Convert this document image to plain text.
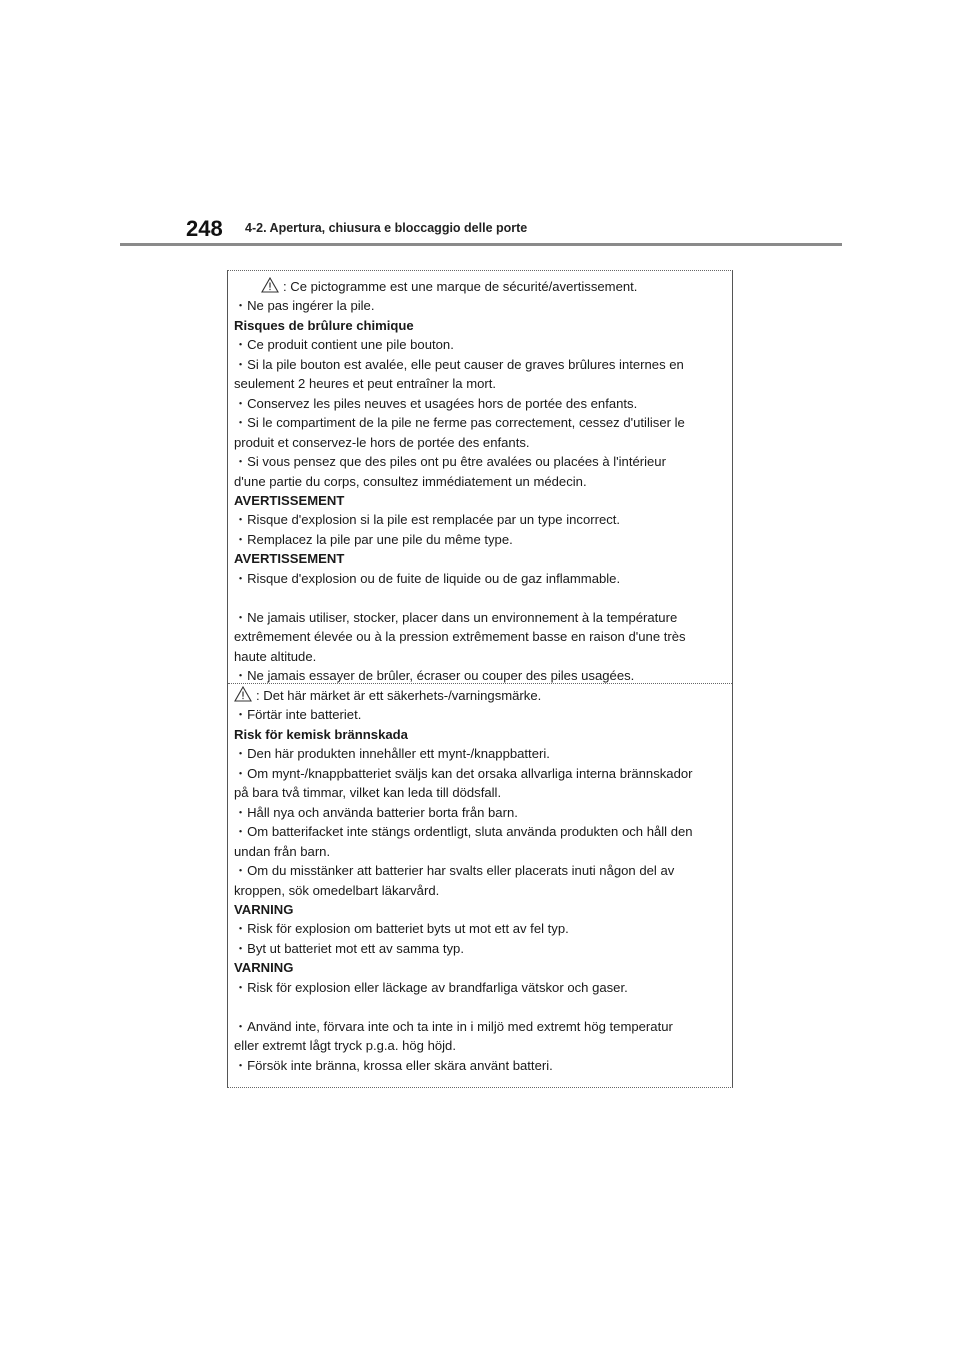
248 4-2. Apertura, chiusura e bloccaggio delle porte
: Ce pictogramme est une marque de sécurité/avertissement.
・Ne pas ingérer la pile.
Risques de brûlure chimique
・Ce produit contient une pile bouton.
・Si la pile bouton est avalée, elle peut causer de graves brûlures internes en
seulement 2 heures et peut entraîner la mort.
・Conservez les piles neuves et usagées hors de portée des enfants.
・Si le compartiment de la pile ne ferme pas correctement, cessez d'utiliser le
produit et conservez-le hors de portée des enfants.
・Si vous pensez que des piles ont pu être avalées ou placées à l'intérieur
d'une partie du corps, consultez immédiatement un médecin.
AVERTISSEMENT
・Risque d'explosion si la pile est remplacée par un type incorrect.
・Remplacez la pile par une pile du même type.
AVERTISSEMENT
・Risque d'explosion ou de fuite de liquide ou de gaz inflammable.
・Ne jamais utiliser, stocker, placer dans un environnement à la température
extrêmement élevée ou à la pression extrêmement basse en raison d'une très
haute altitude.
・Ne jamais essayer de brûler, écraser ou couper des piles usagées.
: Det här märket är ett säkerhets-/varningsmärke.
・Förtär inte batteriet.
Risk för kemisk brännskada
・Den här produkten innehåller ett mynt-/knappbatteri.
・Om mynt-/knappbatteriet sväljs kan det orsaka allvarliga interna brännskador
på bara två timmar, vilket kan leda till dödsfall.
・Håll nya och använda batterier borta från barn.
・Om batterifacket inte stängs ordentligt, sluta använda produkten och håll den
undan från barn.
・Om du misstänker att batterier har svalts eller placerats inuti någon del av
kroppen, sök omedelbart läkarvård.
VARNING
・Risk för explosion om batteriet byts ut mot ett av fel typ.
・Byt ut batteriet mot ett av samma typ.
VARNING
・Risk för explosion eller läckage av brandfarliga vätskor och gaser.
・Använd inte, förvara inte och ta inte in i miljö med extremt hög temperatur
eller extremt lågt tryck p.g.a. hög höjd.
・Försök inte bränna, krossa eller skära använt batteri.
